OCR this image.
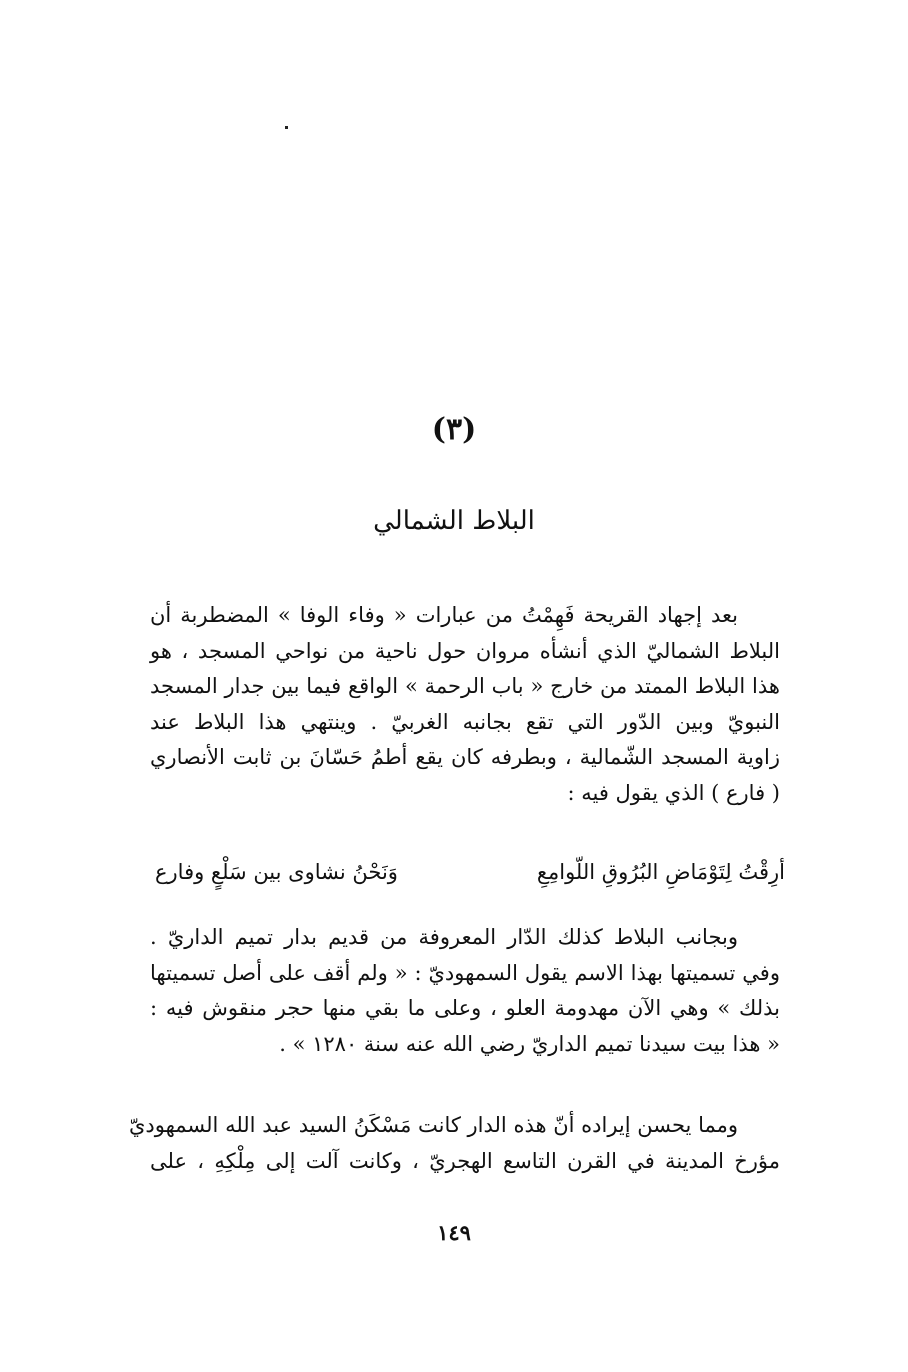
(٣)
البلاط الشمالي
بعد إجهاد القريحة فَهِمْتُ من عبارات « وفاء الوفا » المضطربة أن
البلاط الشماليّ الذي أنشأه مروان حول ناحية من نواحي المسجد ، هو
هذا البلاط الممتد من خارج « باب الرحمة » الواقع فيما بين جدار المسجد
النبويّ وبين الدّور التي تقع بجانبه الغربيّ . وينتهي هذا البلاط عند
زاوية المسجد الشّمالية ، وبطرفه كان يقع أطمُ حَسّانَ بن ثابت الأنصاري
( فارع ) الذي يقول فيه :
أرِقْتُ لِتَوْمَاضِ البُرُوقِ اللّوامِعِ
وَنَحْنُ نشاوى بين سَلْعٍ وفارع
وبجانب البلاط كذلك الدّار المعروفة من قديم بدار تميم الداريّ .
وفي تسميتها بهذا الاسم يقول السمهوديّ : « ولم أقف على أصل تسميتها
بذلك » وهي الآن مهدومة العلو ، وعلى ما بقي منها حجر منقوش فيه :
« هذا بيت سيدنا تميم الداريّ رضي الله عنه سنة ١٢٨٠ » .
ومما يحسن إيراده أنّ هذه الدار كانت مَسْكَنُ السيد عبد الله السمهوديّ
مؤرخ المدينة في القرن التاسع الهجريّ ، وكانت آلت إلى مِلْكِهِ ، على
١٤٩
